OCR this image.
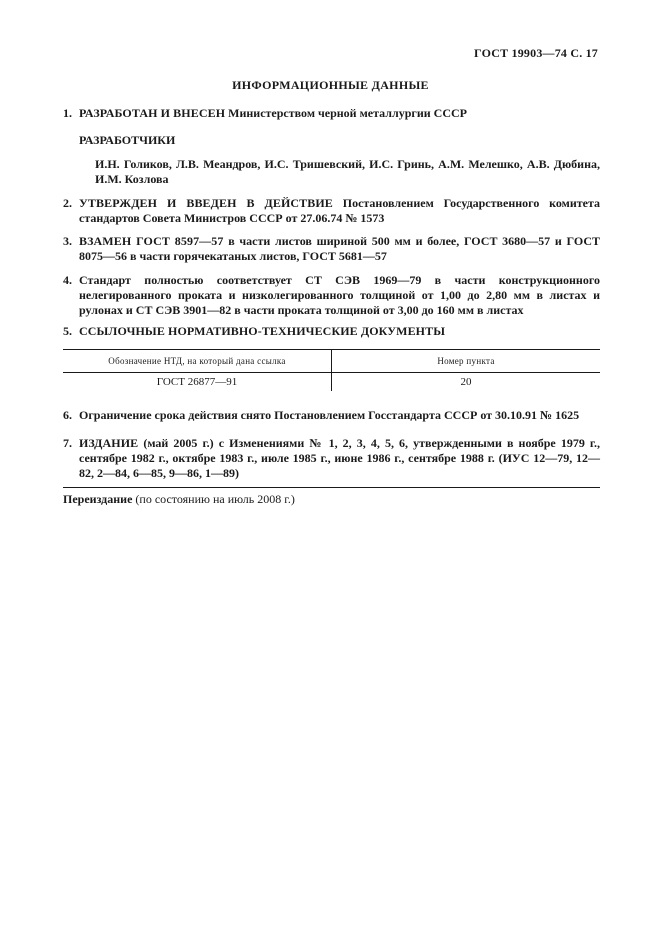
ГОСТ 19903—74 С. 17
ИНФОРМАЦИОННЫЕ ДАННЫЕ
1. РАЗРАБОТАН И ВНЕСЕН Министерством черной металлургии СССР
РАЗРАБОТЧИКИ
И.Н. Голиков, Л.В. Меандров, И.С. Тришевский, И.С. Гринь, А.М. Мелешко, А.В. Дюбина, И.М. Козлова
2. УТВЕРЖДЕН И ВВЕДЕН В ДЕЙСТВИЕ Постановлением Государственного комитета стандартов Совета Министров СССР от 27.06.74 № 1573
3. ВЗАМЕН ГОСТ 8597—57 в части листов шириной 500 мм и более, ГОСТ 3680—57 и ГОСТ 8075—56 в части горячекатаных листов, ГОСТ 5681—57
4. Стандарт полностью соответствует СТ СЭВ 1969—79 в части конструкционного нелегированного проката и низколегированного толщиной от 1,00 до 2,80 мм в листах и рулонах и СТ СЭВ 3901—82 в части проката толщиной от 3,00 до 160 мм в листах
5. ССЫЛОЧНЫЕ НОРМАТИВНО-ТЕХНИЧЕСКИЕ ДОКУМЕНТЫ
Обозначение НТД, на который дана ссылка	Номер пункта
ГОСТ 26877—91	20
6. Ограничение срока действия снято Постановлением Госстандарта СССР от 30.10.91 № 1625
7. ИЗДАНИЕ (май 2005 г.) с Изменениями № 1, 2, 3, 4, 5, 6, утвержденными в ноябре 1979 г., сентябре 1982 г., октябре 1983 г., июле 1985 г., июне 1986 г., сентябре 1988 г. (ИУС 12—79, 12—82, 2—84, 6—85, 9—86, 1—89)
Переиздание (по состоянию на июль 2008 г.)
